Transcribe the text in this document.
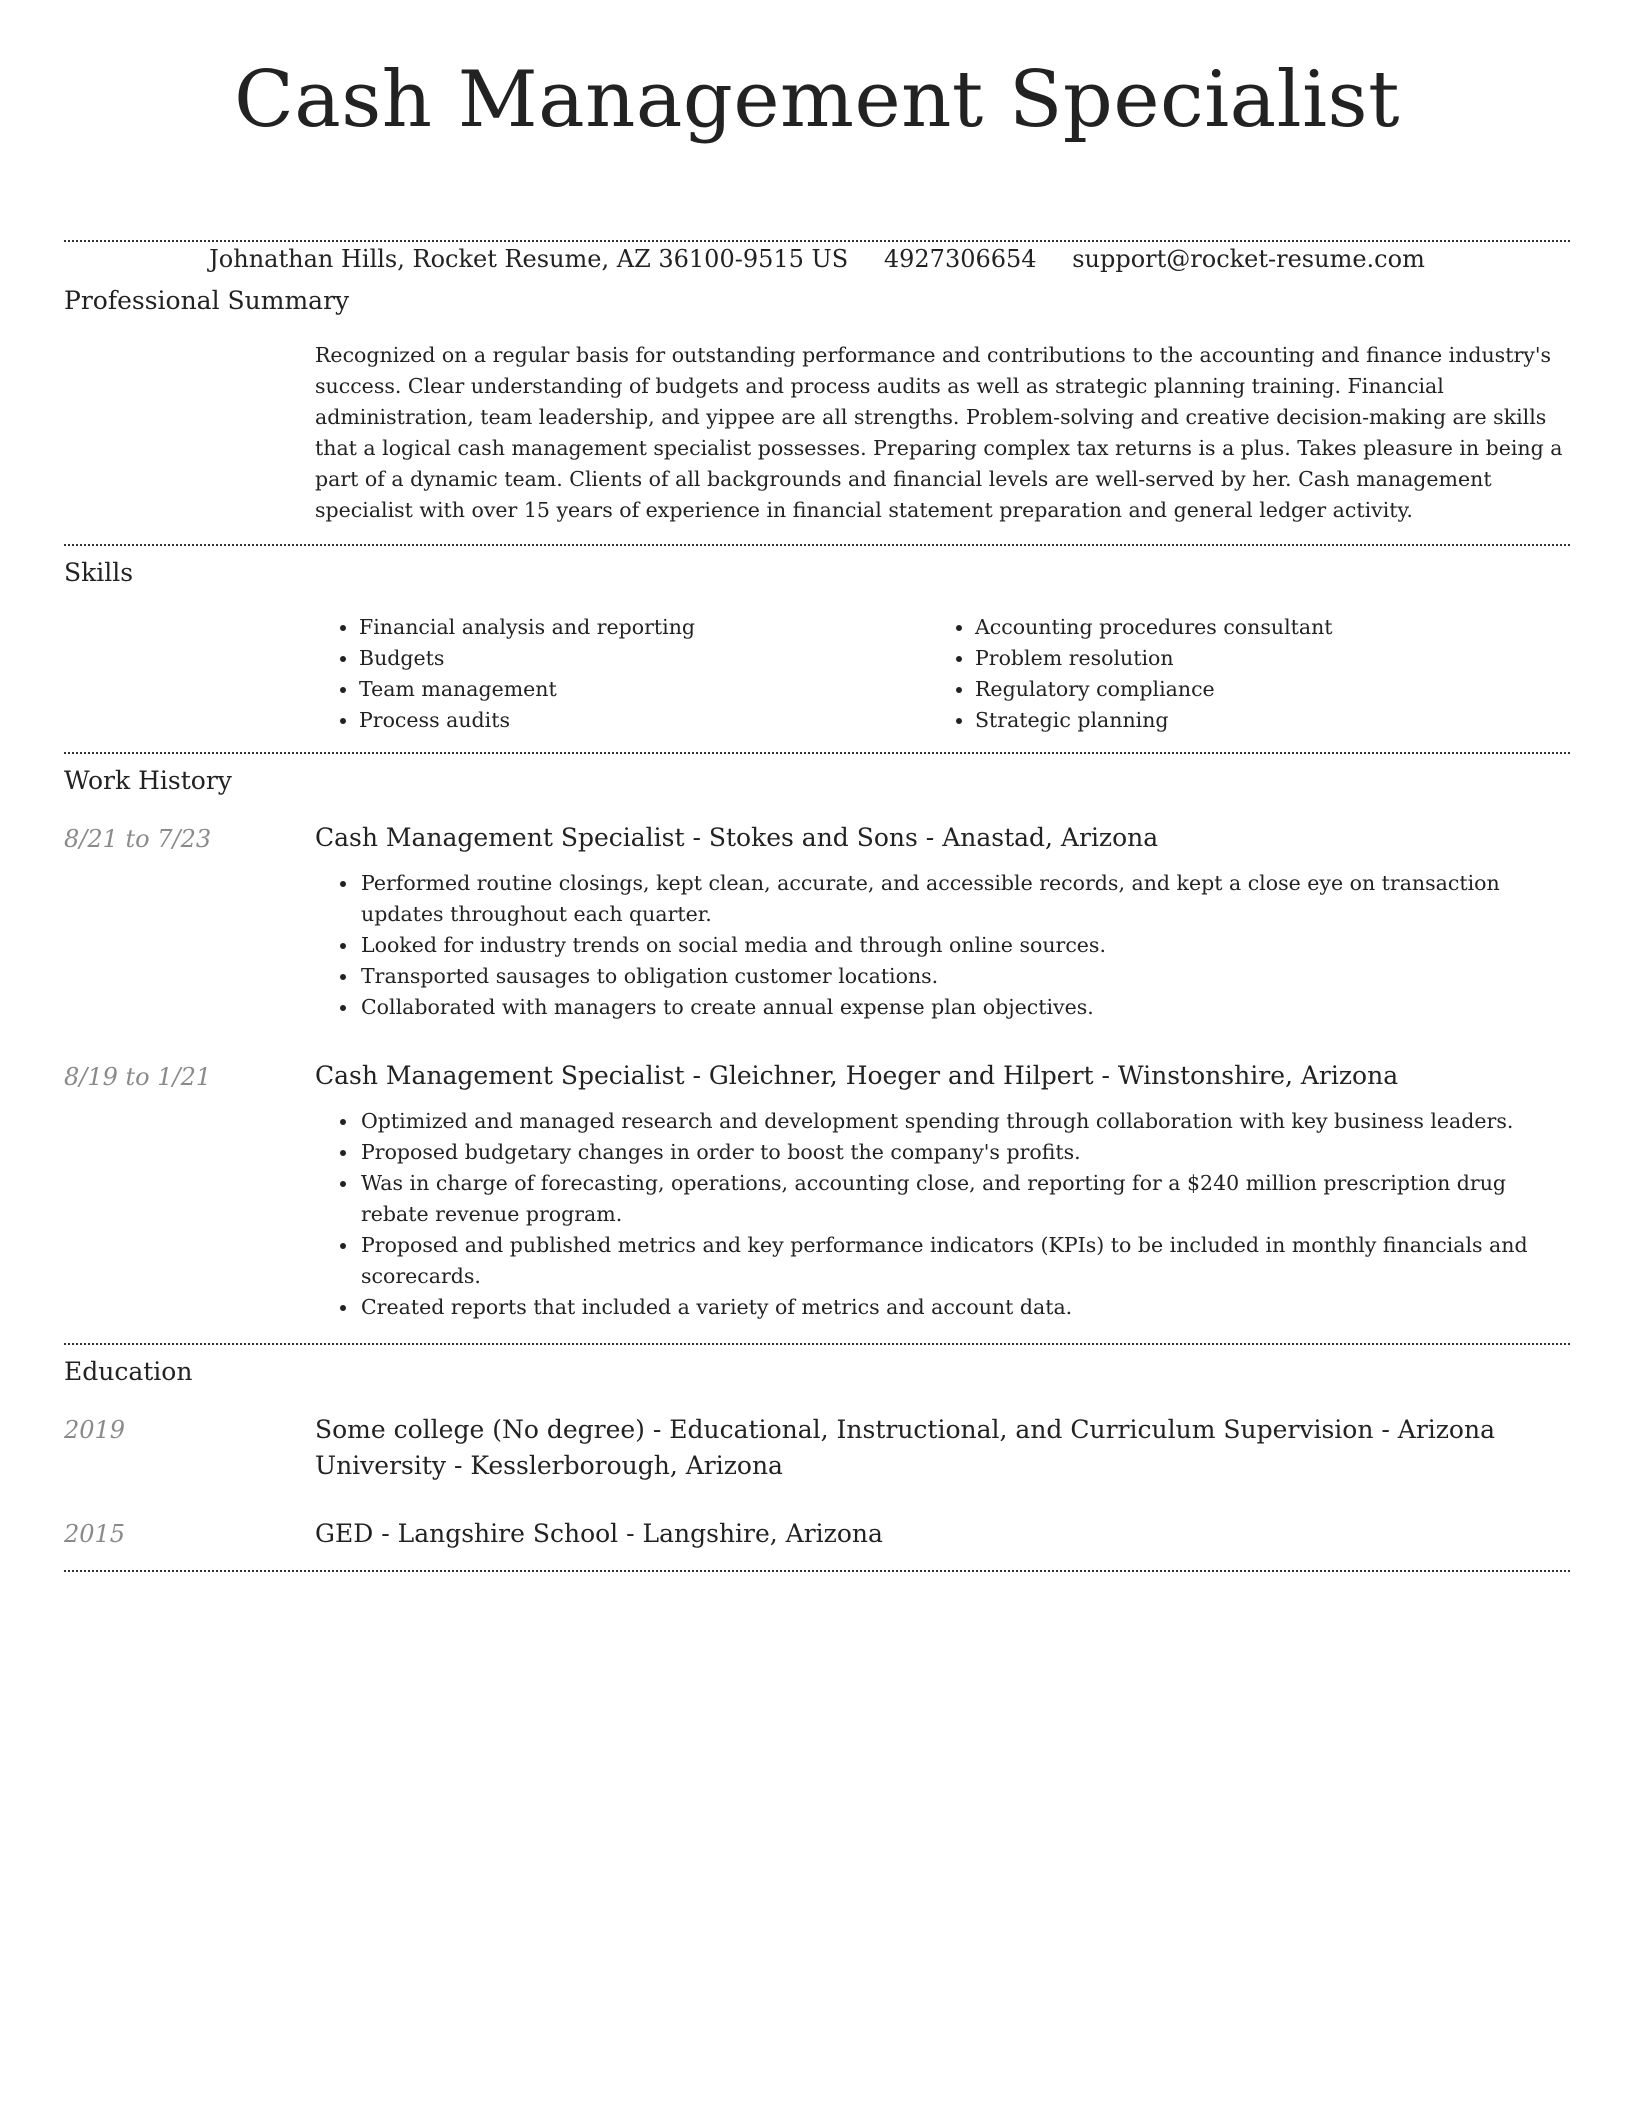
Cash Management Specialist
Johnathan Hills, Rocket Resume, AZ 36100-9515 US 4927306654 support@rocket-resume.com
Professional Summary

Recognized on a regular basis for outstanding performance and contributions to the accounting and finance industry's success. Clear understanding of budgets and process audits as well as strategic planning training. Financial administration, team leadership, and yippee are all strengths. Problem-solving and creative decision-making are skills that a logical cash management specialist possesses. Preparing complex tax returns is a plus. Takes pleasure in being a part of a dynamic team. Clients of all backgrounds and financial levels are well-served by her. Cash management specialist with over 15 years of experience in financial statement preparation and general ledger activity.

Skills
• Financial analysis and reporting
• Budgets
• Team management
• Process audits
• Accounting procedures consultant
• Problem resolution
• Regulatory compliance
• Strategic planning
Work History
8/21 to 7/23	Cash Management Specialist - Stokes and Sons - Anastad, Arizona

• Performed routine closings, kept clean, accurate, and accessible records, and kept a close eye on transaction updates throughout each quarter.
• Looked for industry trends on social media and through online sources.
• Transported sausages to obligation customer locations.
• Collaborated with managers to create annual expense plan objectives.
8/19 to 1/21	Cash Management Specialist - Gleichner, Hoeger and Hilpert - Winstonshire, Arizona

• Optimized and managed research and development spending through collaboration with key business leaders.
• Proposed budgetary changes in order to boost the company's profits.
• Was in charge of forecasting, operations, accounting close, and reporting for a $240 million prescription drug rebate revenue program.
• Proposed and published metrics and key performance indicators (KPIs) to be included in monthly financials and scorecards.
• Created reports that included a variety of metrics and account data.
Education
2019	Some college (No degree) - Educational, Instructional, and Curriculum Supervision - Arizona University - Kesslerborough, Arizona

2015	GED - Langshire School - Langshire, Arizona
